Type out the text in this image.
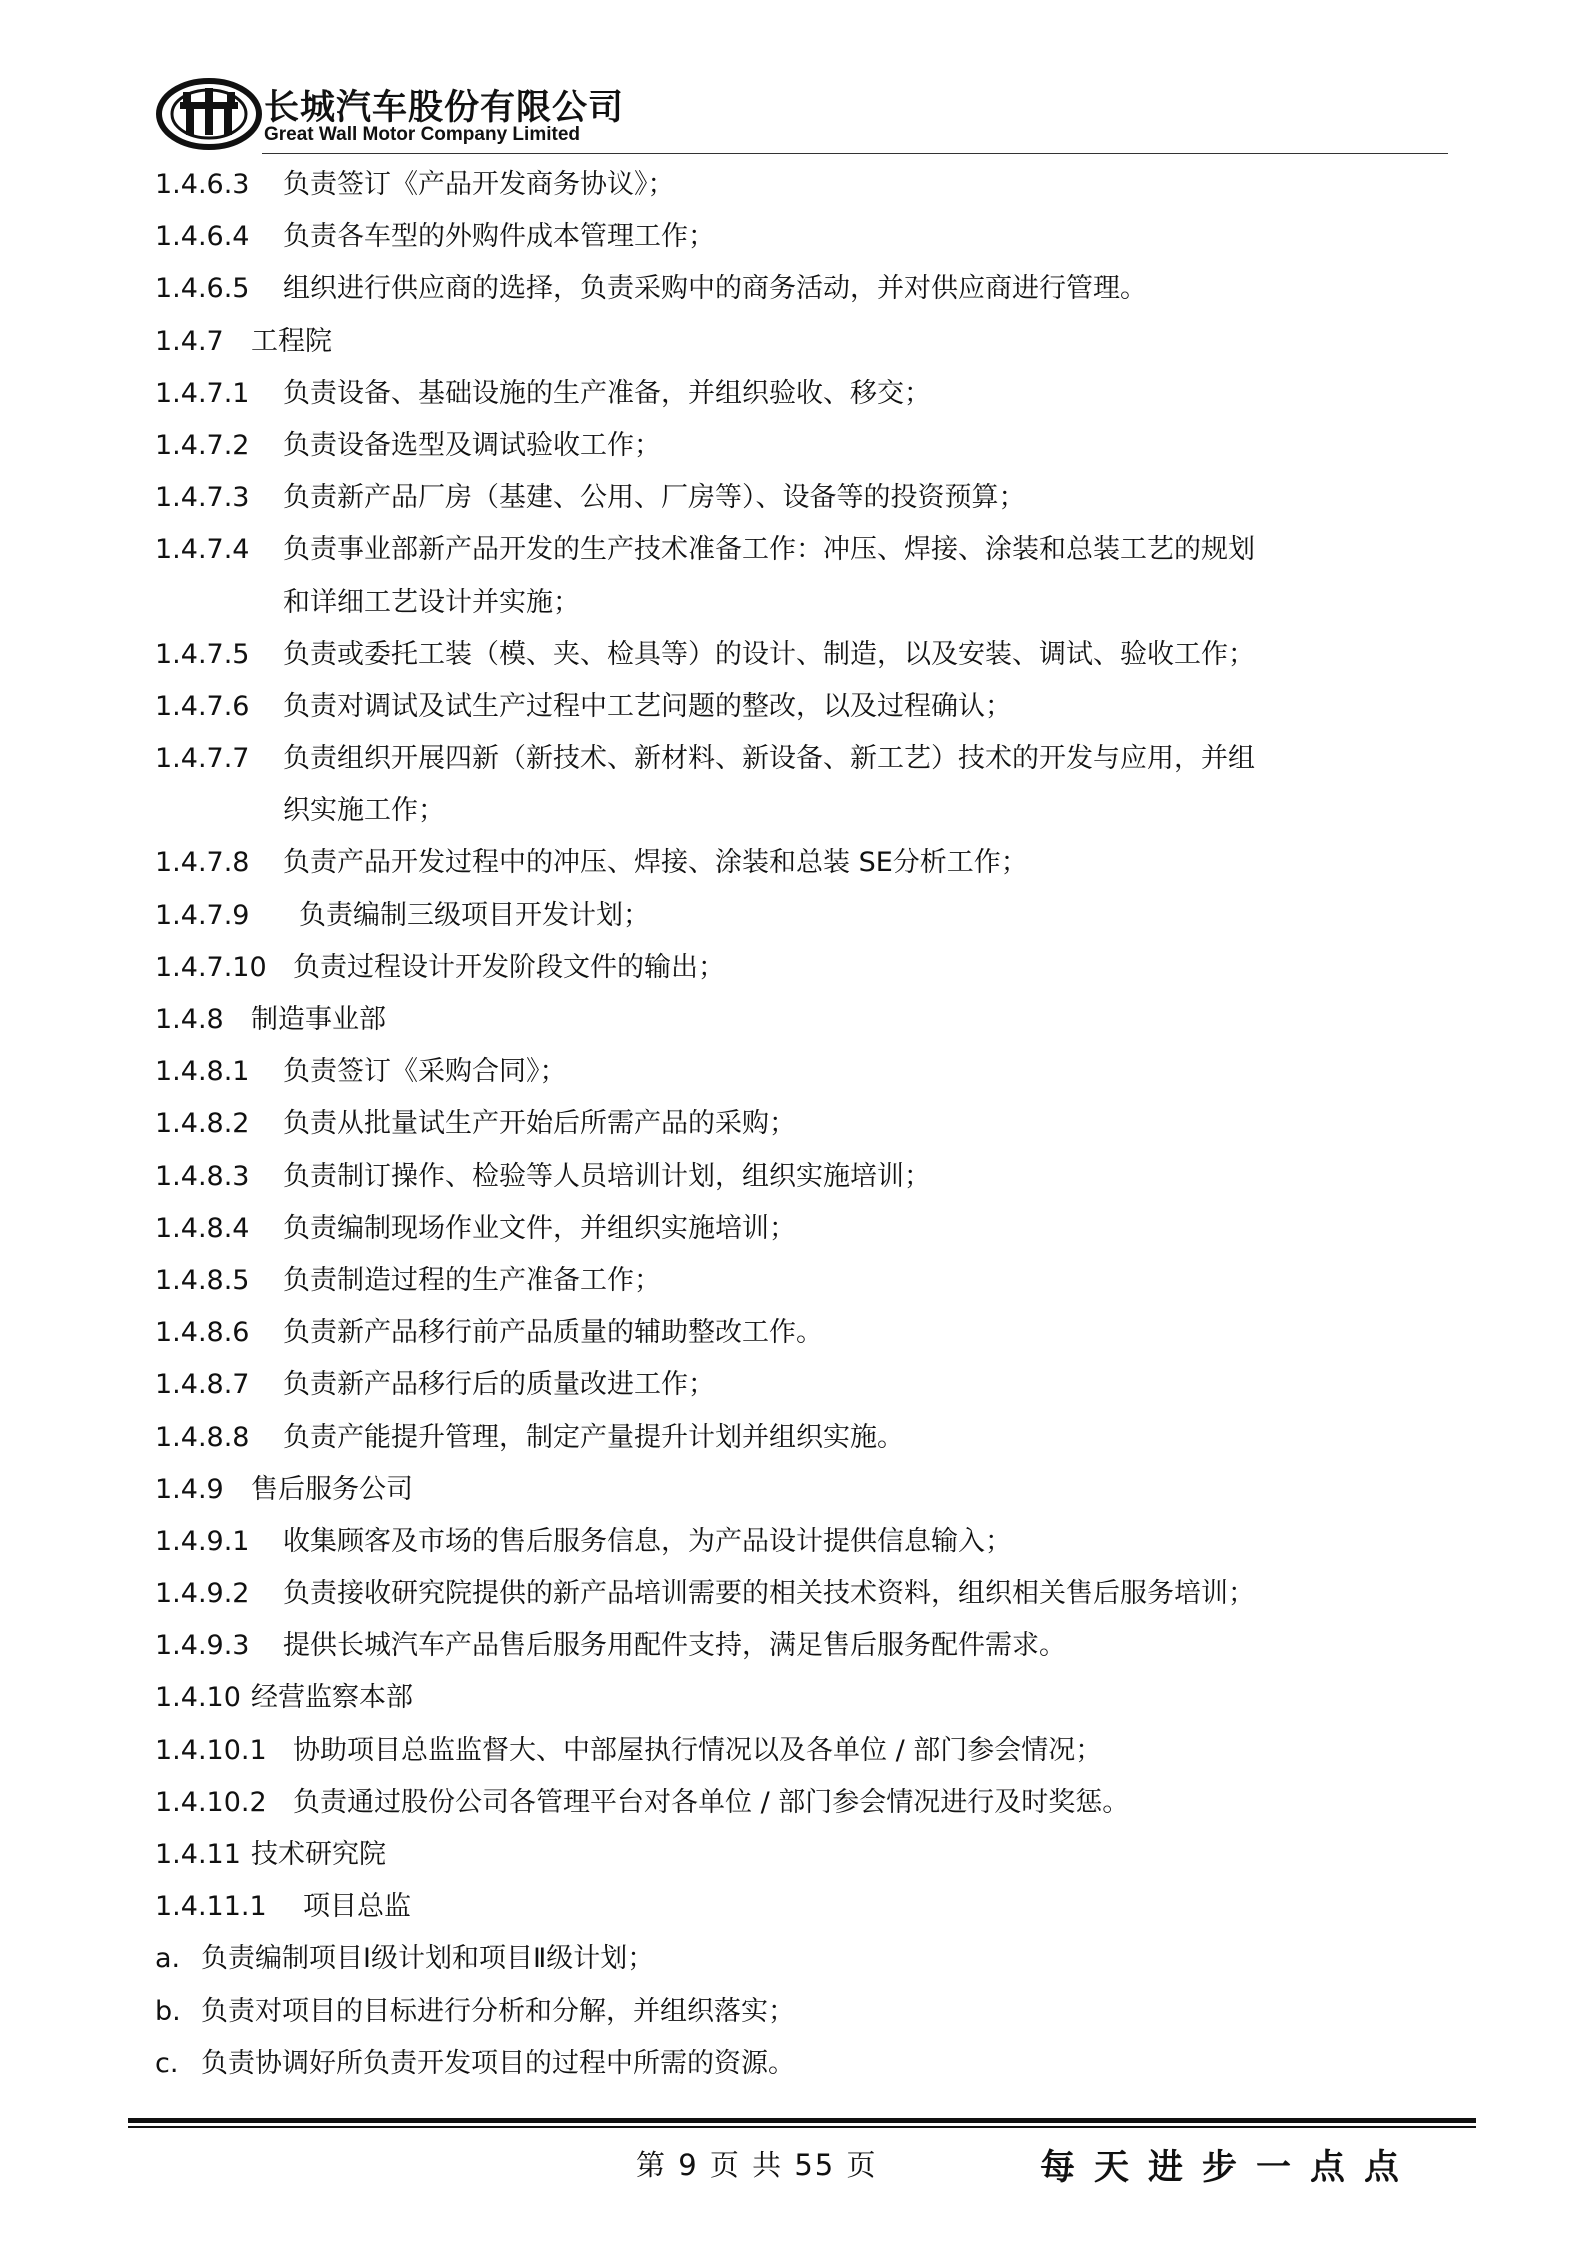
长城汽车股份有限公司
Great Wall Motor Company Limited
1.4.6.3 负责签订《产品开发商务协议》；
1.4.6.4 负责各车型的外购件成本管理工作；
1.4.6.5 组织进行供应商的选择，负责采购中的商务活动，并对供应商进行管理。
1.4.7 工程院
1.4.7.1 负责设备、基础设施的生产准备，并组织验收、移交；
1.4.7.2 负责设备选型及调试验收工作；
1.4.7.3 负责新产品厂房（基建、公用、厂房等）、设备等的投资预算；
1.4.7.4 负责事业部新产品开发的生产技术准备工作：冲压、焊接、涂装和总装工艺的规划
和详细工艺设计并实施；
1.4.7.5 负责或委托工装（模、夹、检具等）的设计、制造，以及安装、调试、验收工作；
1.4.7.6 负责对调试及试生产过程中工艺问题的整改，以及过程确认；
1.4.7.7 负责组织开展四新（新技术、新材料、新设备、新工艺）技术的开发与应用，并组
织实施工作；
1.4.7.8 负责产品开发过程中的冲压、焊接、涂装和总装 SE分析工作；
1.4.7.9 负责编制三级项目开发计划；
1.4.7.10 负责过程设计开发阶段文件的输出；
1.4.8 制造事业部
1.4.8.1 负责签订《采购合同》；
1.4.8.2 负责从批量试生产开始后所需产品的采购；
1.4.8.3 负责制订操作、检验等人员培训计划，组织实施培训；
1.4.8.4 负责编制现场作业文件，并组织实施培训；
1.4.8.5 负责制造过程的生产准备工作；
1.4.8.6 负责新产品移行前产品质量的辅助整改工作。
1.4.8.7 负责新产品移行后的质量改进工作；
1.4.8.8 负责产能提升管理，制定产量提升计划并组织实施。
1.4.9 售后服务公司
1.4.9.1 收集顾客及市场的售后服务信息，为产品设计提供信息输入；
1.4.9.2 负责接收研究院提供的新产品培训需要的相关技术资料，组织相关售后服务培训；
1.4.9.3 提供长城汽车产品售后服务用配件支持，满足售后服务配件需求。
1.4.10 经营监察本部
1.4.10.1 协助项目总监监督大、中部屋执行情况以及各单位 / 部门参会情况；
1.4.10.2 负责通过股份公司各管理平台对各单位 / 部门参会情况进行及时奖惩。
1.4.11 技术研究院
1.4.11.1 项目总监
a. 负责编制项目Ⅰ级计划和项目Ⅱ级计划；
b. 负责对项目的目标进行分析和分解，并组织落实；
c. 负责协调好所负责开发项目的过程中所需的资源。
第 9 页 共 55 页	每天进步一点点
